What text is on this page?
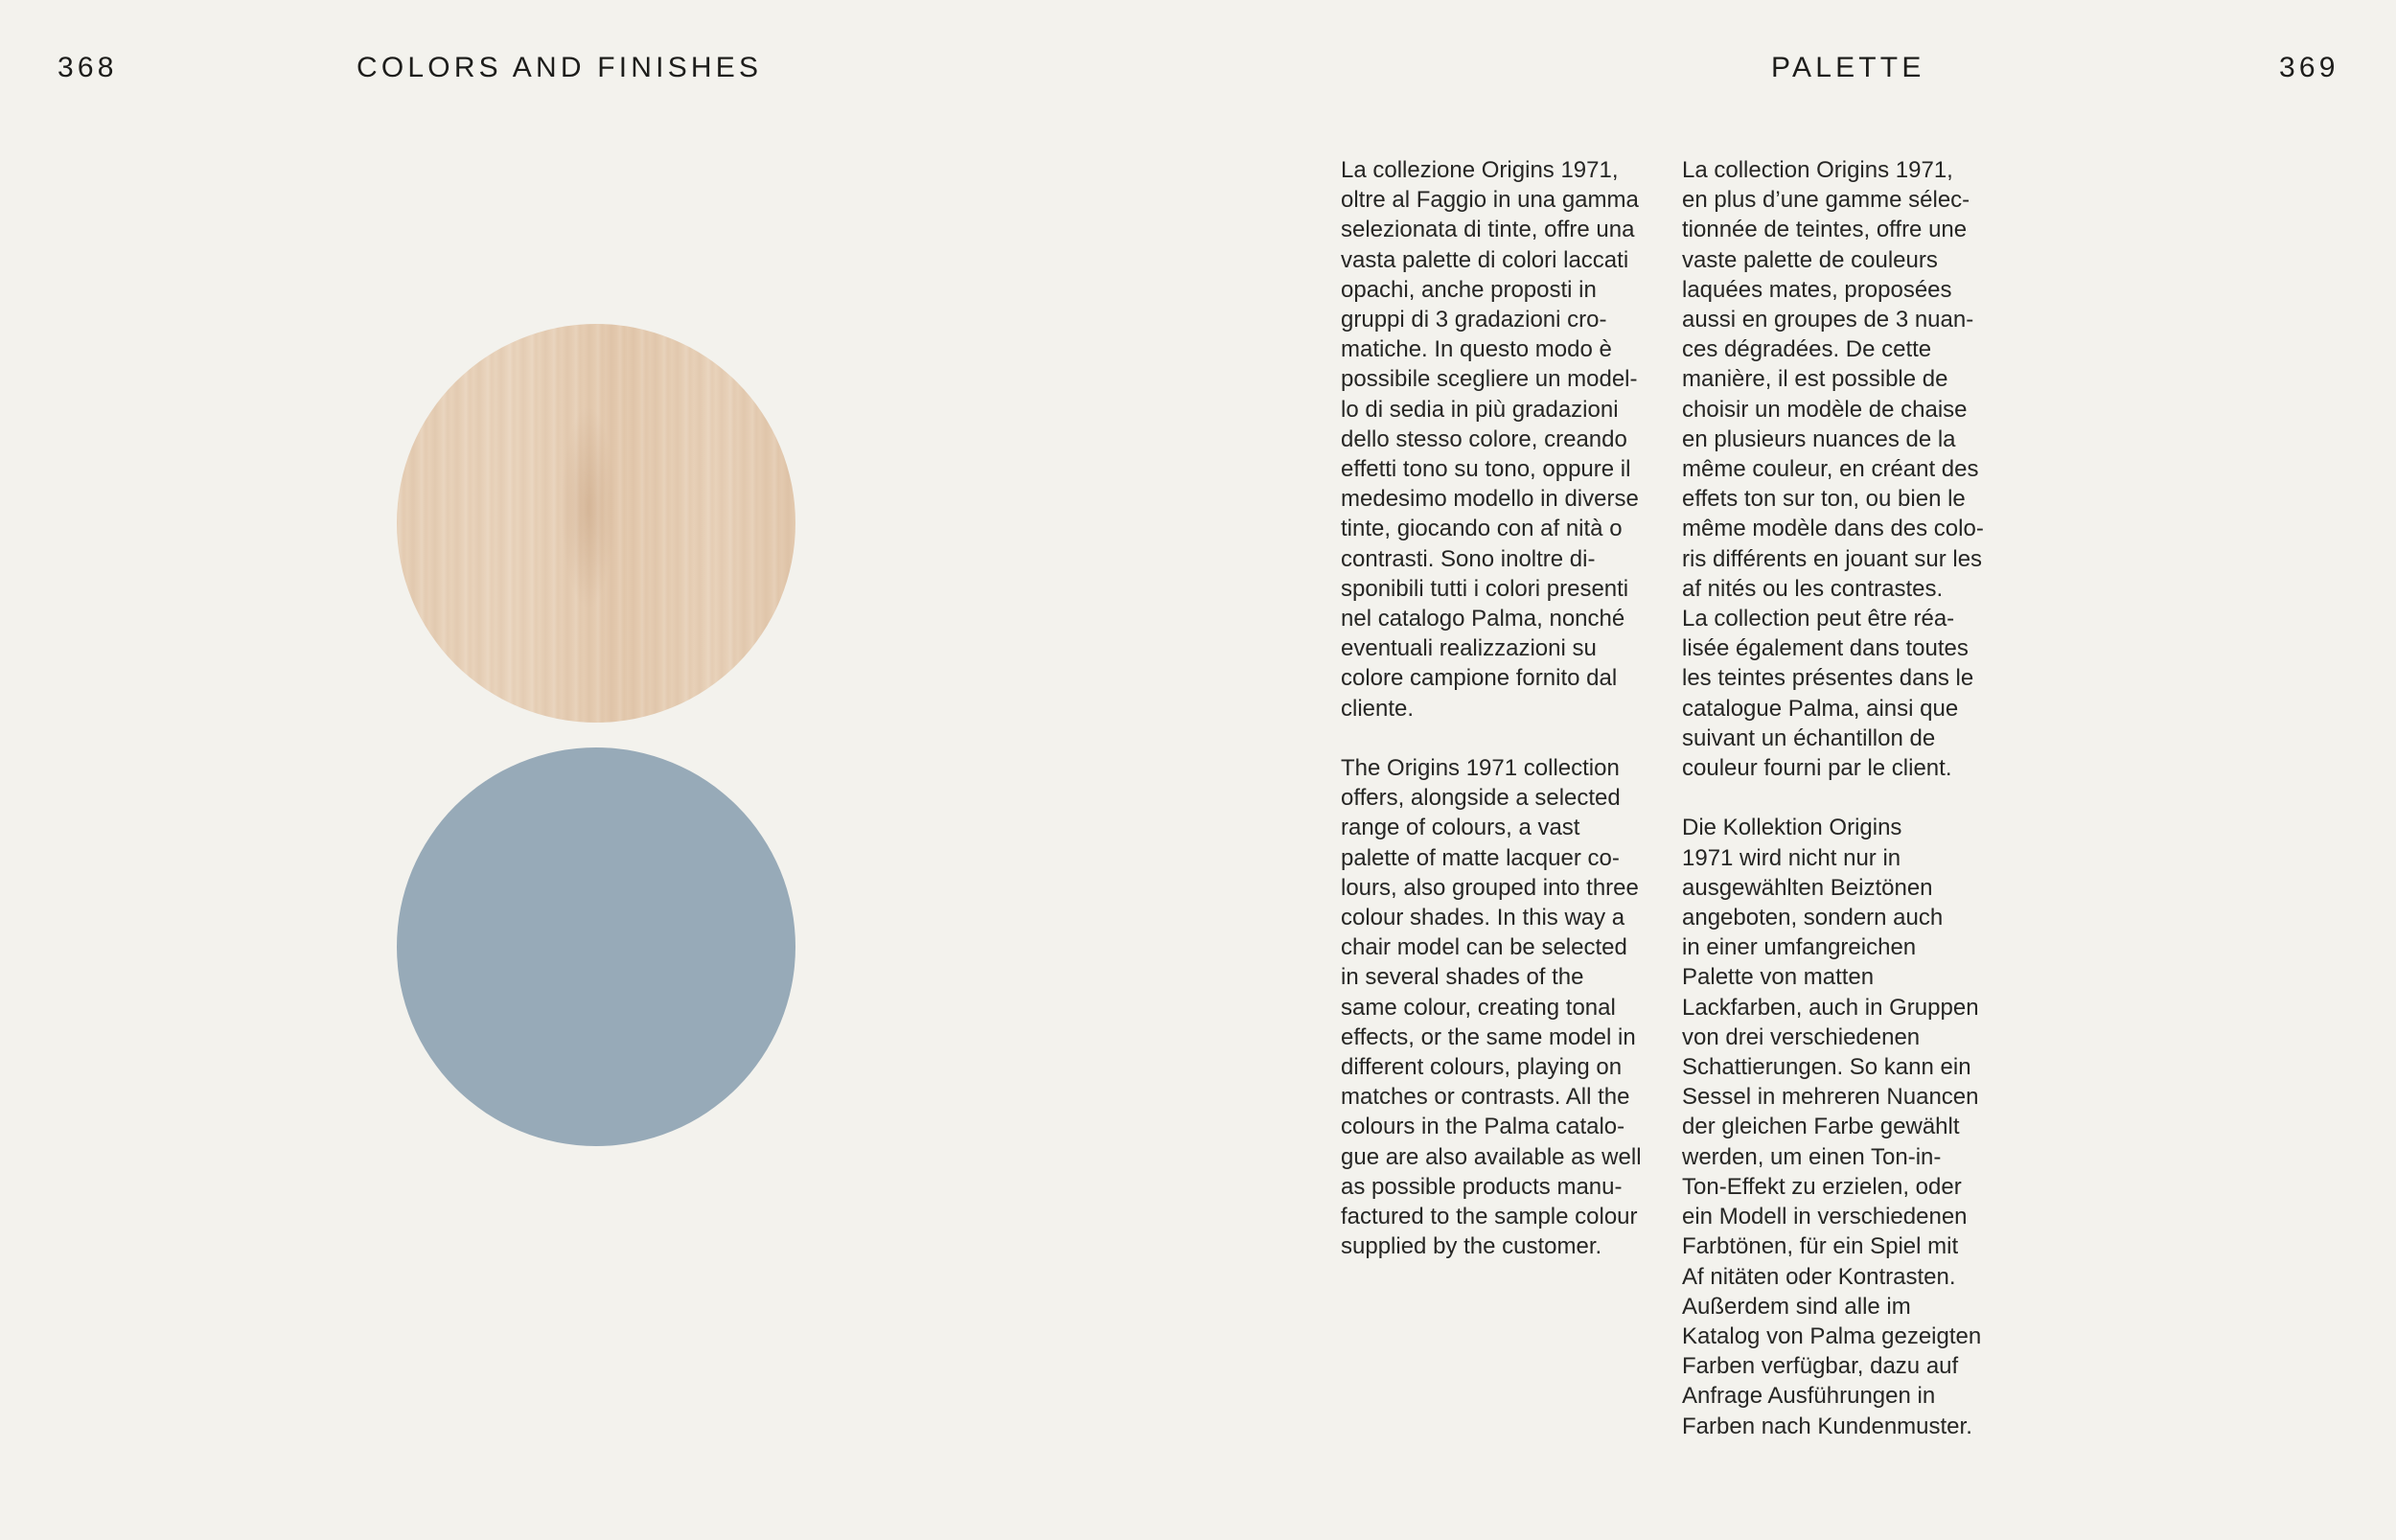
368	COLORS AND FINISHES	PALETTE	369

La collezione Origins 1971,
oltre al Faggio in una gamma
selezionata di tinte, offre una
vasta palette di colori laccati
opachi, anche proposti in
gruppi di 3 gradazioni cro-
matiche. In questo modo è
possibile scegliere un model-
lo di sedia in più gradazioni
dello stesso colore, creando
effetti tono su tono, oppure il
medesimo modello in diverse
tinte, giocando con af nità o
contrasti. Sono inoltre di-
sponibili tutti i colori presenti
nel catalogo Palma, nonché
eventuali realizzazioni su
colore campione fornito dal
cliente.

The Origins 1971 collection
offers, alongside a selected
range of colours, a vast
palette of matte lacquer co-
lours, also grouped into three
colour shades. In this way a
chair model can be selected
in several shades of the
same colour, creating tonal
effects, or the same model in
different colours, playing on
matches or contrasts. All the
colours in the Palma catalo-
gue are also available as well
as possible products manu-
factured to the sample colour
supplied by the customer.

La collection Origins 1971,
en plus d’une gamme sélec-
tionnée de teintes, offre une
vaste palette de couleurs
laquées mates, proposées
aussi en groupes de 3 nuan-
ces dégradées. De cette
manière, il est possible de
choisir un modèle de chaise
en plusieurs nuances de la
même couleur, en créant des
effets ton sur ton, ou bien le
même modèle dans des colo-
ris différents en jouant sur les
af nités ou les contrastes.
La collection peut être réa-
lisée également dans toutes
les teintes présentes dans le
catalogue Palma, ainsi que
suivant un échantillon de
couleur fourni par le client.

Die Kollektion Origins
1971 wird nicht nur in
ausgewählten Beiztönen
angeboten, sondern auch
in einer umfangreichen
Palette von matten
Lackfarben, auch in Gruppen
von drei verschiedenen
Schattierungen. So kann ein
Sessel in mehreren Nuancen
der gleichen Farbe gewählt
werden, um einen Ton-in-
Ton-Effekt zu erzielen, oder
ein Modell in verschiedenen
Farbtönen, für ein Spiel mit
Af nitäten oder Kontrasten.
Außerdem sind alle im
Katalog von Palma gezeigten
Farben verfügbar, dazu auf
Anfrage Ausführungen in
Farben nach Kundenmuster.
